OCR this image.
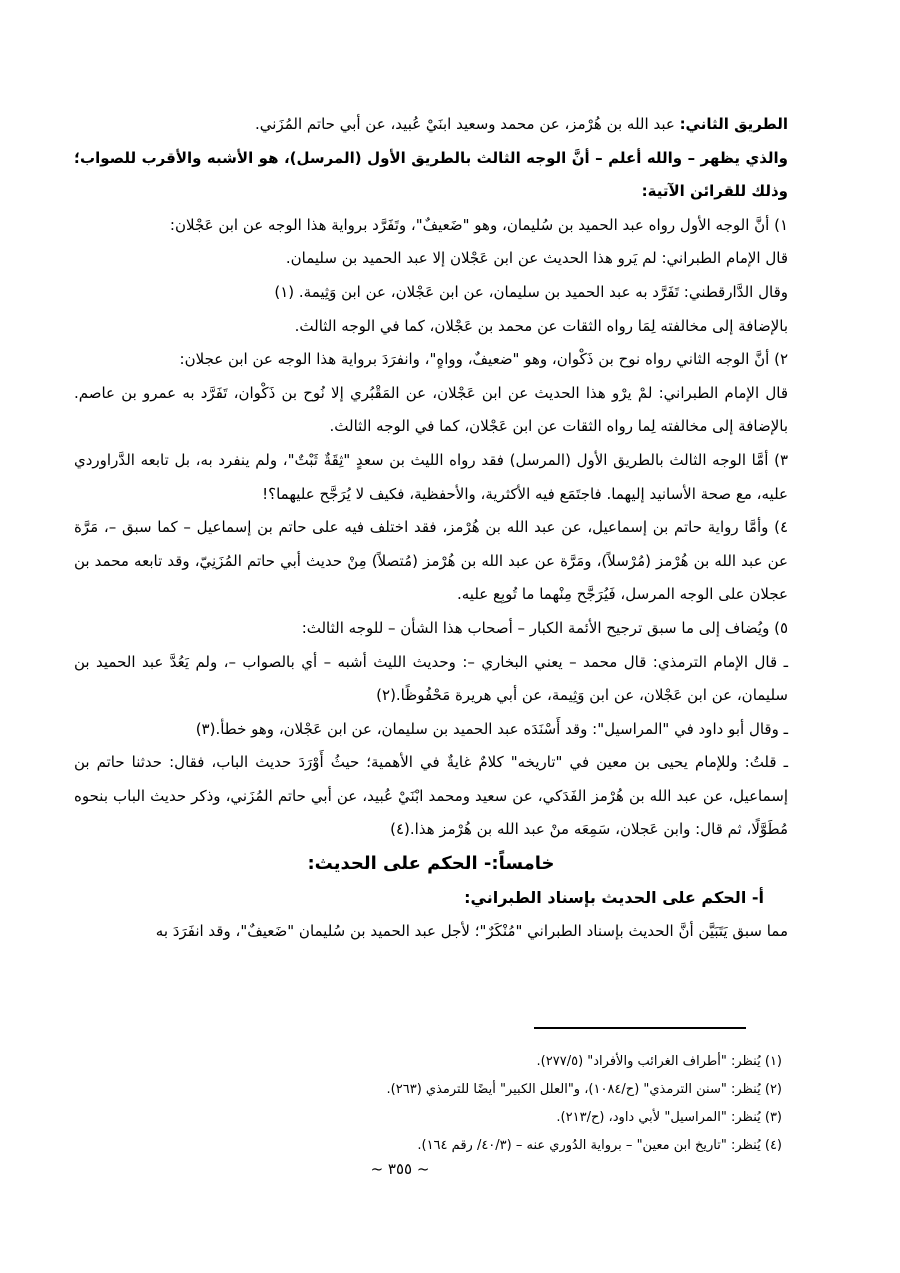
الطريق الثاني: عبد الله بن هُرْمز، عن محمد وسعيد ابنَيْ عُبيد، عن أبي حاتم المُزَني.

والذي يظهر – والله أعلم – أنَّ الوجه الثالث بالطريق الأول (المرسل)، هو الأشبه والأقرب للصواب؛ وذلك للقرائن الآتية:

١) أنَّ الوجه الأول رواه عبد الحميد بن سُليمان، وهو "ضَعيفٌ"، وتَفَرَّد برواية هذا الوجه عن ابن عَجْلان:

قال الإمام الطبراني: لم يَرو هذا الحديث عن ابن عَجْلان إلا عبد الحميد بن سليمان.

وقال الدَّارقطني: تَفَرَّد به عبد الحميد بن سليمان، عن ابن عَجْلان، عن ابن وَثِيمة. (١)

بالإضافة إلى مخالفته لِمَا رواه الثقات عن محمد بن عَجْلان، كما في الوجه الثالث.

٢) أنَّ الوجه الثاني رواه نوح بن ذَكْوان، وهو "ضعيفٌ، وواهٍ"، وانفرَدَ برواية هذا الوجه عن ابن عجلان:

قال الإمام الطبراني: لمْ يرْو هذا الحديث عن ابن عَجْلان، عن المَقْبُري إلا نُوح بن ذَكْوان، تَفَرَّد به عمرو بن عاصم. بالإضافة إلى مخالفته لِما رواه الثقات عن ابن عَجْلان، كما في الوجه الثالث.

٣) أمَّا الوجه الثالث بالطريق الأول (المرسل) فقد رواه الليث بن سعدٍ "ثِقَةٌ ثَبْتٌ"، ولم ينفرد به، بل تابعه الدَّراوردي عليه، مع صحة الأسانيد إليهما. فاجتَمَع فيه الأكثرية، والأحفظية، فكيف لا يُرَجَّح عليهما؟!

٤) وأمَّا رواية حاتم بن إسماعيل، عن عبد الله بن هُرْمز، فقد اختلف فيه على حاتم بن إسماعيل – كما سبق –، مَرَّة عن عبد الله بن هُرْمز (مُرْسلاً)، ومَرَّة عن عبد الله بن هُرْمز (مُتصلاً) مِنْ حديث أبي حاتم المُزَنِيّ، وقد تابعه محمد بن عجلان على الوجه المرسل، فَيُرَجَّح مِنْهما ما تُوبِع عليه.

٥) ويُضاف إلى ما سبق ترجيح الأئمة الكبار – أصحاب هذا الشأن – للوجه الثالث:

ـ قال الإمام الترمذي: قال محمد – يعني البخاري –: وحديث الليث أشبه – أي بالصواب –، ولم يَعُدَّ عبد الحميد بن سليمان، عن ابن عَجْلان، عن ابن وَثِيمة، عن أبي هريرة مَحْفُوظًا.(٢)

ـ وقال أبو داود في "المراسيل": وقد أَسْنَدَه عبد الحميد بن سليمان، عن ابن عَجْلان، وهو خطأ.(٣)

ـ قلتُ: وللإمام يحيى بن معين في "تاريخه" كلامٌ غايةٌ في الأهمية؛ حيثُ أَوْرَدَ حديث الباب، فقال: حدثنا حاتم بن إسماعيل، عن عبد الله بن هُرْمز الفَدَكي، عن سعيد ومحمد ابْنَيْ عُبيد، عن أبي حاتم المُزَني، وذكر حديث الباب بنحوه مُطَوَّلًا، ثم قال: وابن عَجلان، سَمِعَه منْ عبد الله بن هُرْمز هذا.(٤)

خامساً:- الحكم على الحديث:

أ- الحكم على الحديث بإسناد الطبراني:

مما سبق يَتَبَيَّن أنَّ الحديث بإسناد الطبراني "مُنْكَرٌ"؛ لأجل عبد الحميد بن سُليمان "ضَعيفٌ"، وقد انفَرَدَ به

(١) يُنظر: "أطراف الغرائب والأفراد" (٢٧٧/٥).

(٢) يُنظر: "سنن الترمذي" (ح/١٠٨٤)، و"العلل الكبير" أيضًا للترمذي (٢٦٣).

(٣) يُنظر: "المراسيل" لأبي داود، (ح/٢١٣).

(٤) يُنظر: "تاريخ ابن معين" – برواية الدُوري عنه – (٤٠/٣/ رقم ١٦٤).

~ ٣٥٥ ~
